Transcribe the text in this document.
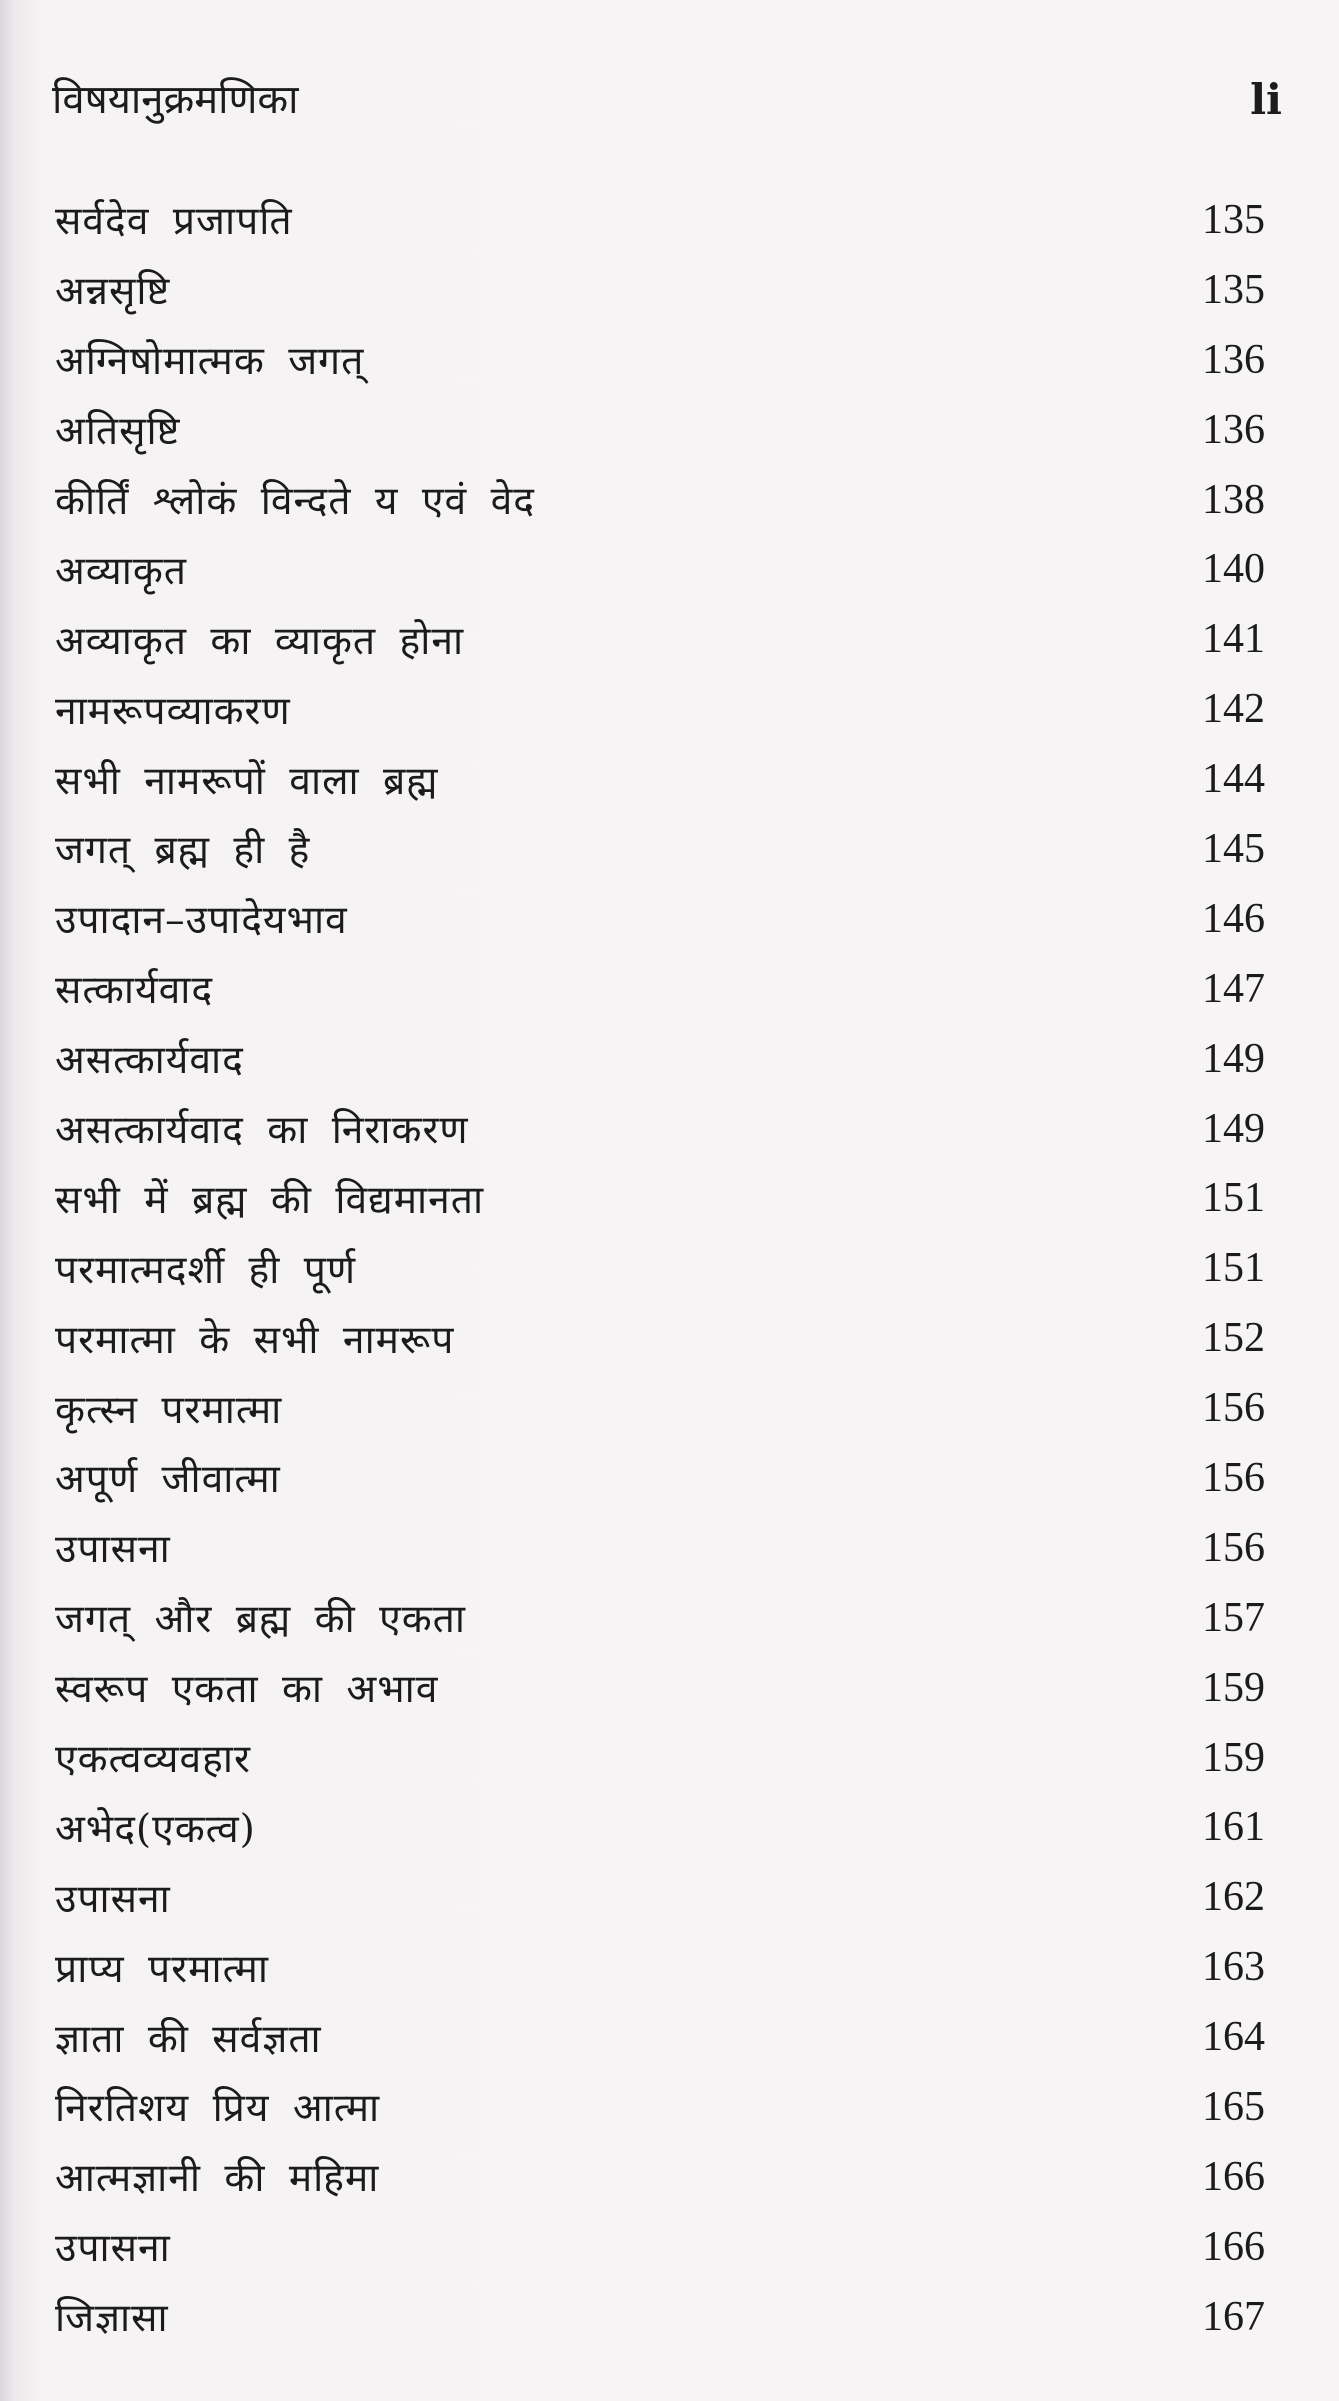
विषयानुक्रमणिका	li
सर्वदेव प्रजापति	135
अन्नसृष्टि	135
अग्निषोमात्मक जगत्	136
अतिसृष्टि	136
कीर्तिं श्लोकं विन्दते य एवं वेद	138
अव्याकृत	140
अव्याकृत का व्याकृत होना	141
नामरूपव्याकरण	142
सभी नामरूपों वाला ब्रह्म	144
जगत् ब्रह्म ही है	145
उपादान–उपादेयभाव	146
सत्कार्यवाद	147
असत्कार्यवाद	149
असत्कार्यवाद का निराकरण	149
सभी में ब्रह्म की विद्यमानता	151
परमात्मदर्शी ही पूर्ण	151
परमात्मा के सभी नामरूप	152
कृत्स्न परमात्मा	156
अपूर्ण जीवात्मा	156
उपासना	156
जगत् और ब्रह्म की एकता	157
स्वरूप एकता का अभाव	159
एकत्वव्यवहार	159
अभेद(एकत्व)	161
उपासना	162
प्राप्य परमात्मा	163
ज्ञाता की सर्वज्ञता	164
निरतिशय प्रिय आत्मा	165
आत्मज्ञानी की महिमा	166
उपासना	166
जिज्ञासा	167
